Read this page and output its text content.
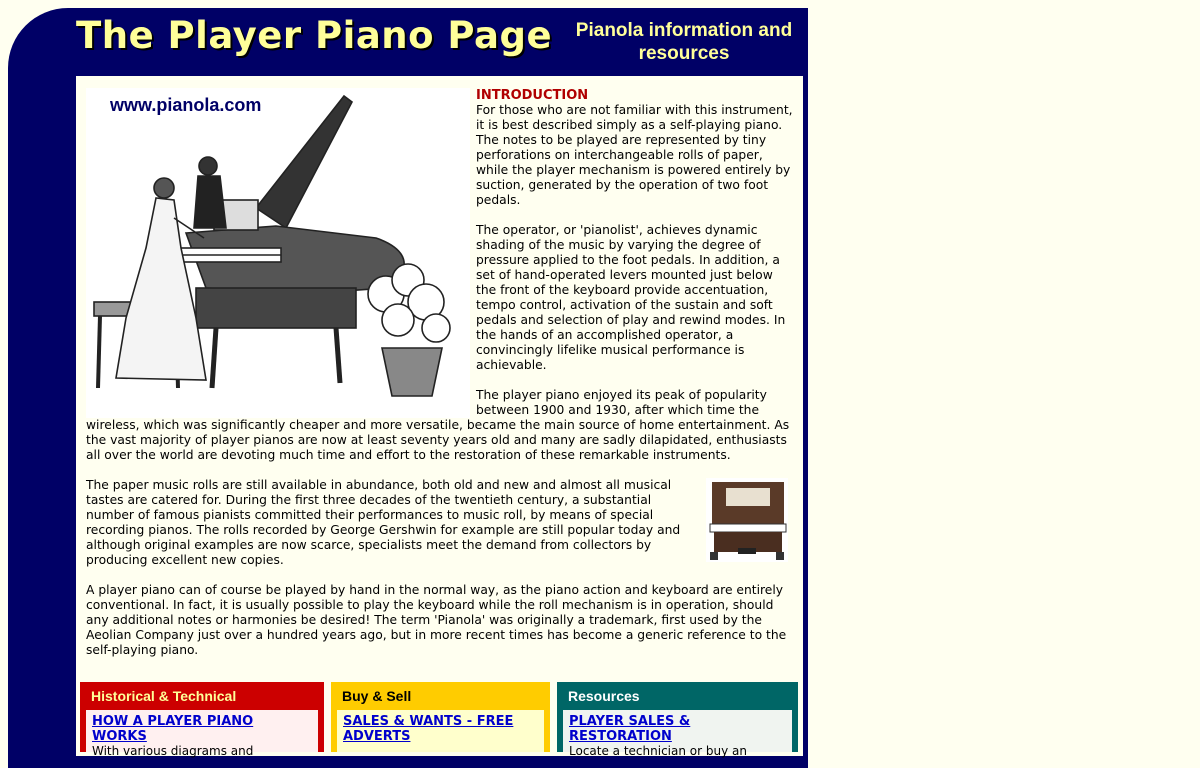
The Player Piano Page Pianola information and resources
www.pianola.com	INTRODUCTION

For those who are not familiar with this instrument, it is best described simply as a self-playing piano. The notes to be played are represented by tiny perforations on interchangeable rolls of paper, while the player mechanism is powered entirely by suction, generated by the operation of two foot pedals.

The operator, or 'pianolist', achieves dynamic shading of the music by varying the degree of pressure applied to the foot pedals. In addition, a set of hand-operated levers mounted just below the front of the keyboard provide accentuation, tempo control, activation of the sustain and soft pedals and selection of play and rewind modes. In the hands of an accomplished operator, a convincingly lifelike musical performance is achievable.

The player piano enjoyed its peak of popularity between 1900 and 1930, after which time the wireless, which was significantly cheaper and more versatile, became the main source of home entertainment. As the vast majority of player pianos are now at least seventy years old and many are sadly dilapidated, enthusiasts all over the world are devoting much time and effort to the restoration of these remarkable instruments.

The paper music rolls are still available in abundance, both old and new and almost all musical tastes are catered for. During the first three decades of the twentieth century, a substantial number of famous pianists committed their performances to music roll, by means of special recording pianos. The rolls recorded by George Gershwin for example are still popular today and although original examples are now scarce, specialists meet the demand from collectors by producing excellent new copies.

A player piano can of course be played by hand in the normal way, as the piano action and keyboard are entirely conventional. In fact, it is usually possible to play the keyboard while the roll mechanism is in operation, should any additional notes or harmonies be desired! The term 'Pianola' was originally a trademark, first used by the Aeolian Company just over a hundred years ago, but in more recent times has become a generic reference to the self-playing piano.

Historical & Technical
HOW A PLAYER PIANO WORKS
With various diagrams and
Buy & Sell
SALES & WANTS - FREE ADVERTS
Resources
PLAYER SALES & RESTORATION
Locate a technician or buy an
